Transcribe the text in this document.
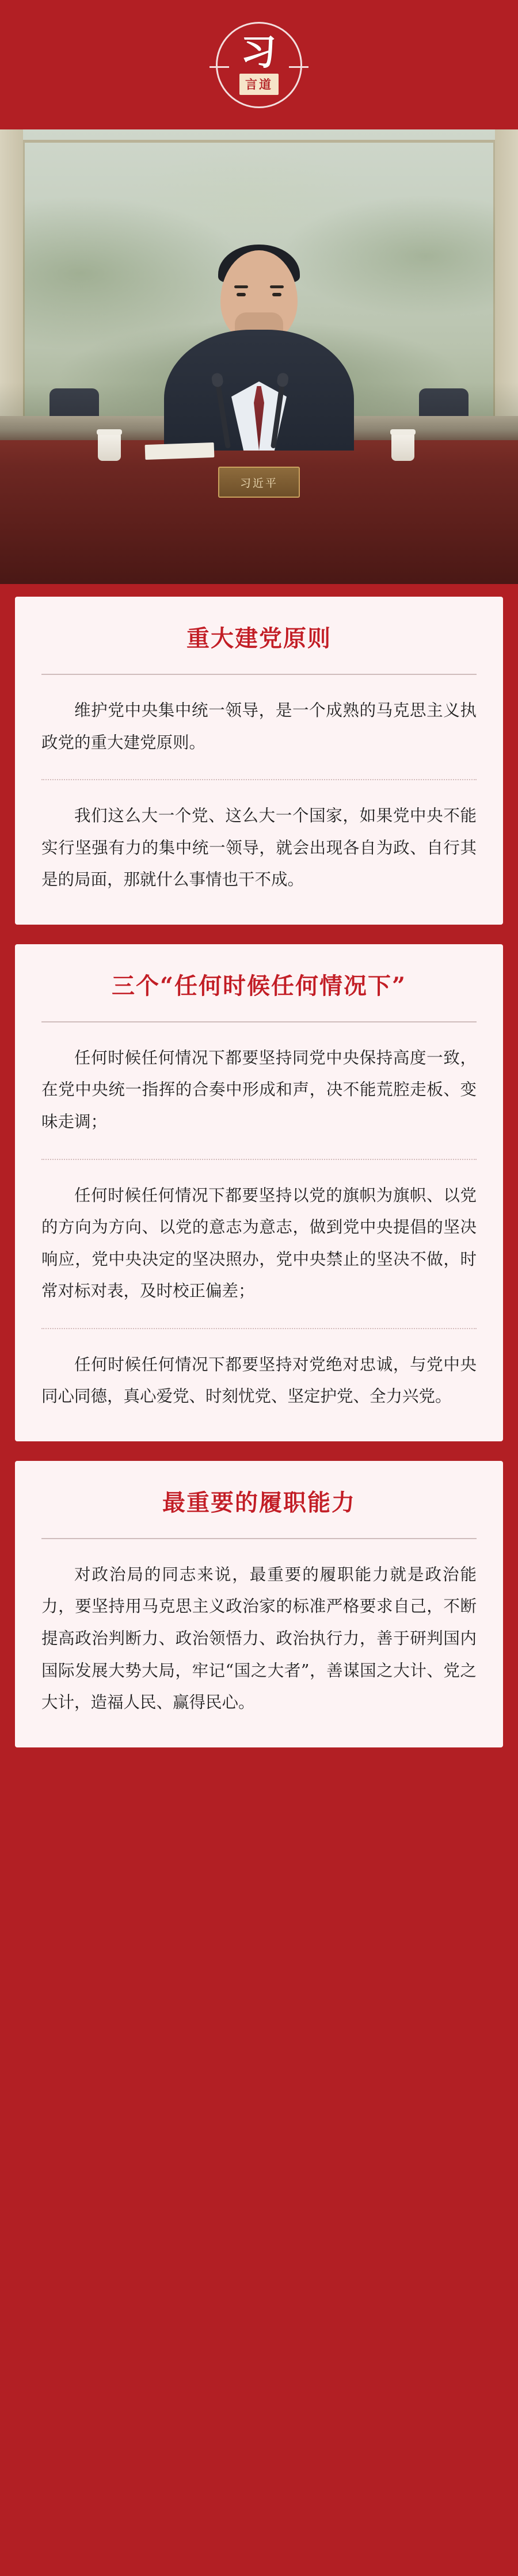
习
言道
习近平
重大建党原则

维护党中央集中统一领导，是一个成熟的马克思主义执政党的重大建党原则。

我们这么大一个党、这么大一个国家，如果党中央不能实行坚强有力的集中统一领导，就会出现各自为政、自行其是的局面，那就什么事情也干不成。

三个“任何时候任何情况下”

任何时候任何情况下都要坚持同党中央保持高度一致，在党中央统一指挥的合奏中形成和声，决不能荒腔走板、变味走调；

任何时候任何情况下都要坚持以党的旗帜为旗帜、以党的方向为方向、以党的意志为意志，做到党中央提倡的坚决响应，党中央决定的坚决照办，党中央禁止的坚决不做，时常对标对表，及时校正偏差；

任何时候任何情况下都要坚持对党绝对忠诚，与党中央同心同德，真心爱党、时刻忧党、坚定护党、全力兴党。

最重要的履职能力

对政治局的同志来说，最重要的履职能力就是政治能力，要坚持用马克思主义政治家的标准严格要求自己，不断提高政治判断力、政治领悟力、政治执行力，善于研判国内国际发展大势大局，牢记“国之大者”，善谋国之大计、党之大计，造福人民、赢得民心。
